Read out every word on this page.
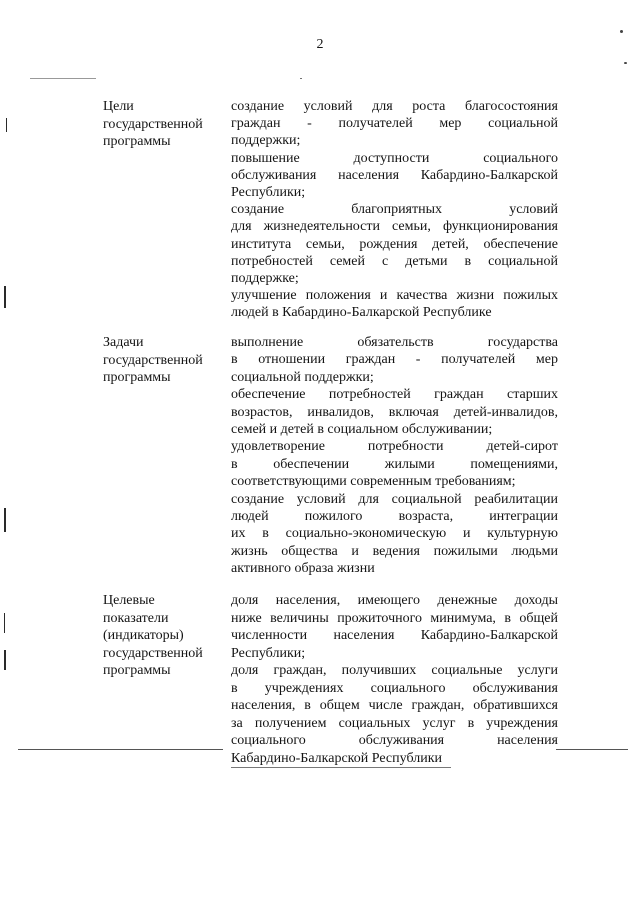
2
Цели
государственной
программы
создание условий для роста благосостояния
граждан - получателей мер социальной
поддержки;
повышение доступности социального
обслуживания населения Кабардино-Балкарской
Республики;
создание благоприятных условий
для жизнедеятельности семьи, функционирования
института семьи, рождения детей, обеспечение
потребностей семей с детьми в социальной
поддержке;
улучшение положения и качества жизни пожилых
людей в Кабардино-Балкарской Республике
Задачи
государственной
программы
выполнение обязательств государства
в отношении граждан - получателей мер
социальной поддержки;
обеспечение потребностей граждан старших
возрастов, инвалидов, включая детей-инвалидов,
семей и детей в социальном обслуживании;
удовлетворение потребности детей-сирот
в обеспечении жилыми помещениями,
соответствующими современным требованиям;
создание условий для социальной реабилитации
людей пожилого возраста, интеграции
их в социально-экономическую и культурную
жизнь общества и ведения пожилыми людьми
активного образа жизни
Целевые
показатели
(индикаторы)
государственной
программы
доля населения, имеющего денежные доходы
ниже величины прожиточного минимума, в общей
численности населения Кабардино-Балкарской
Республики;
доля граждан, получивших социальные услуги
в учреждениях социального обслуживания
населения, в общем числе граждан, обратившихся
за получением социальных услуг в учреждения
социального обслуживания населения
Кабардино-Балкарской Республики
